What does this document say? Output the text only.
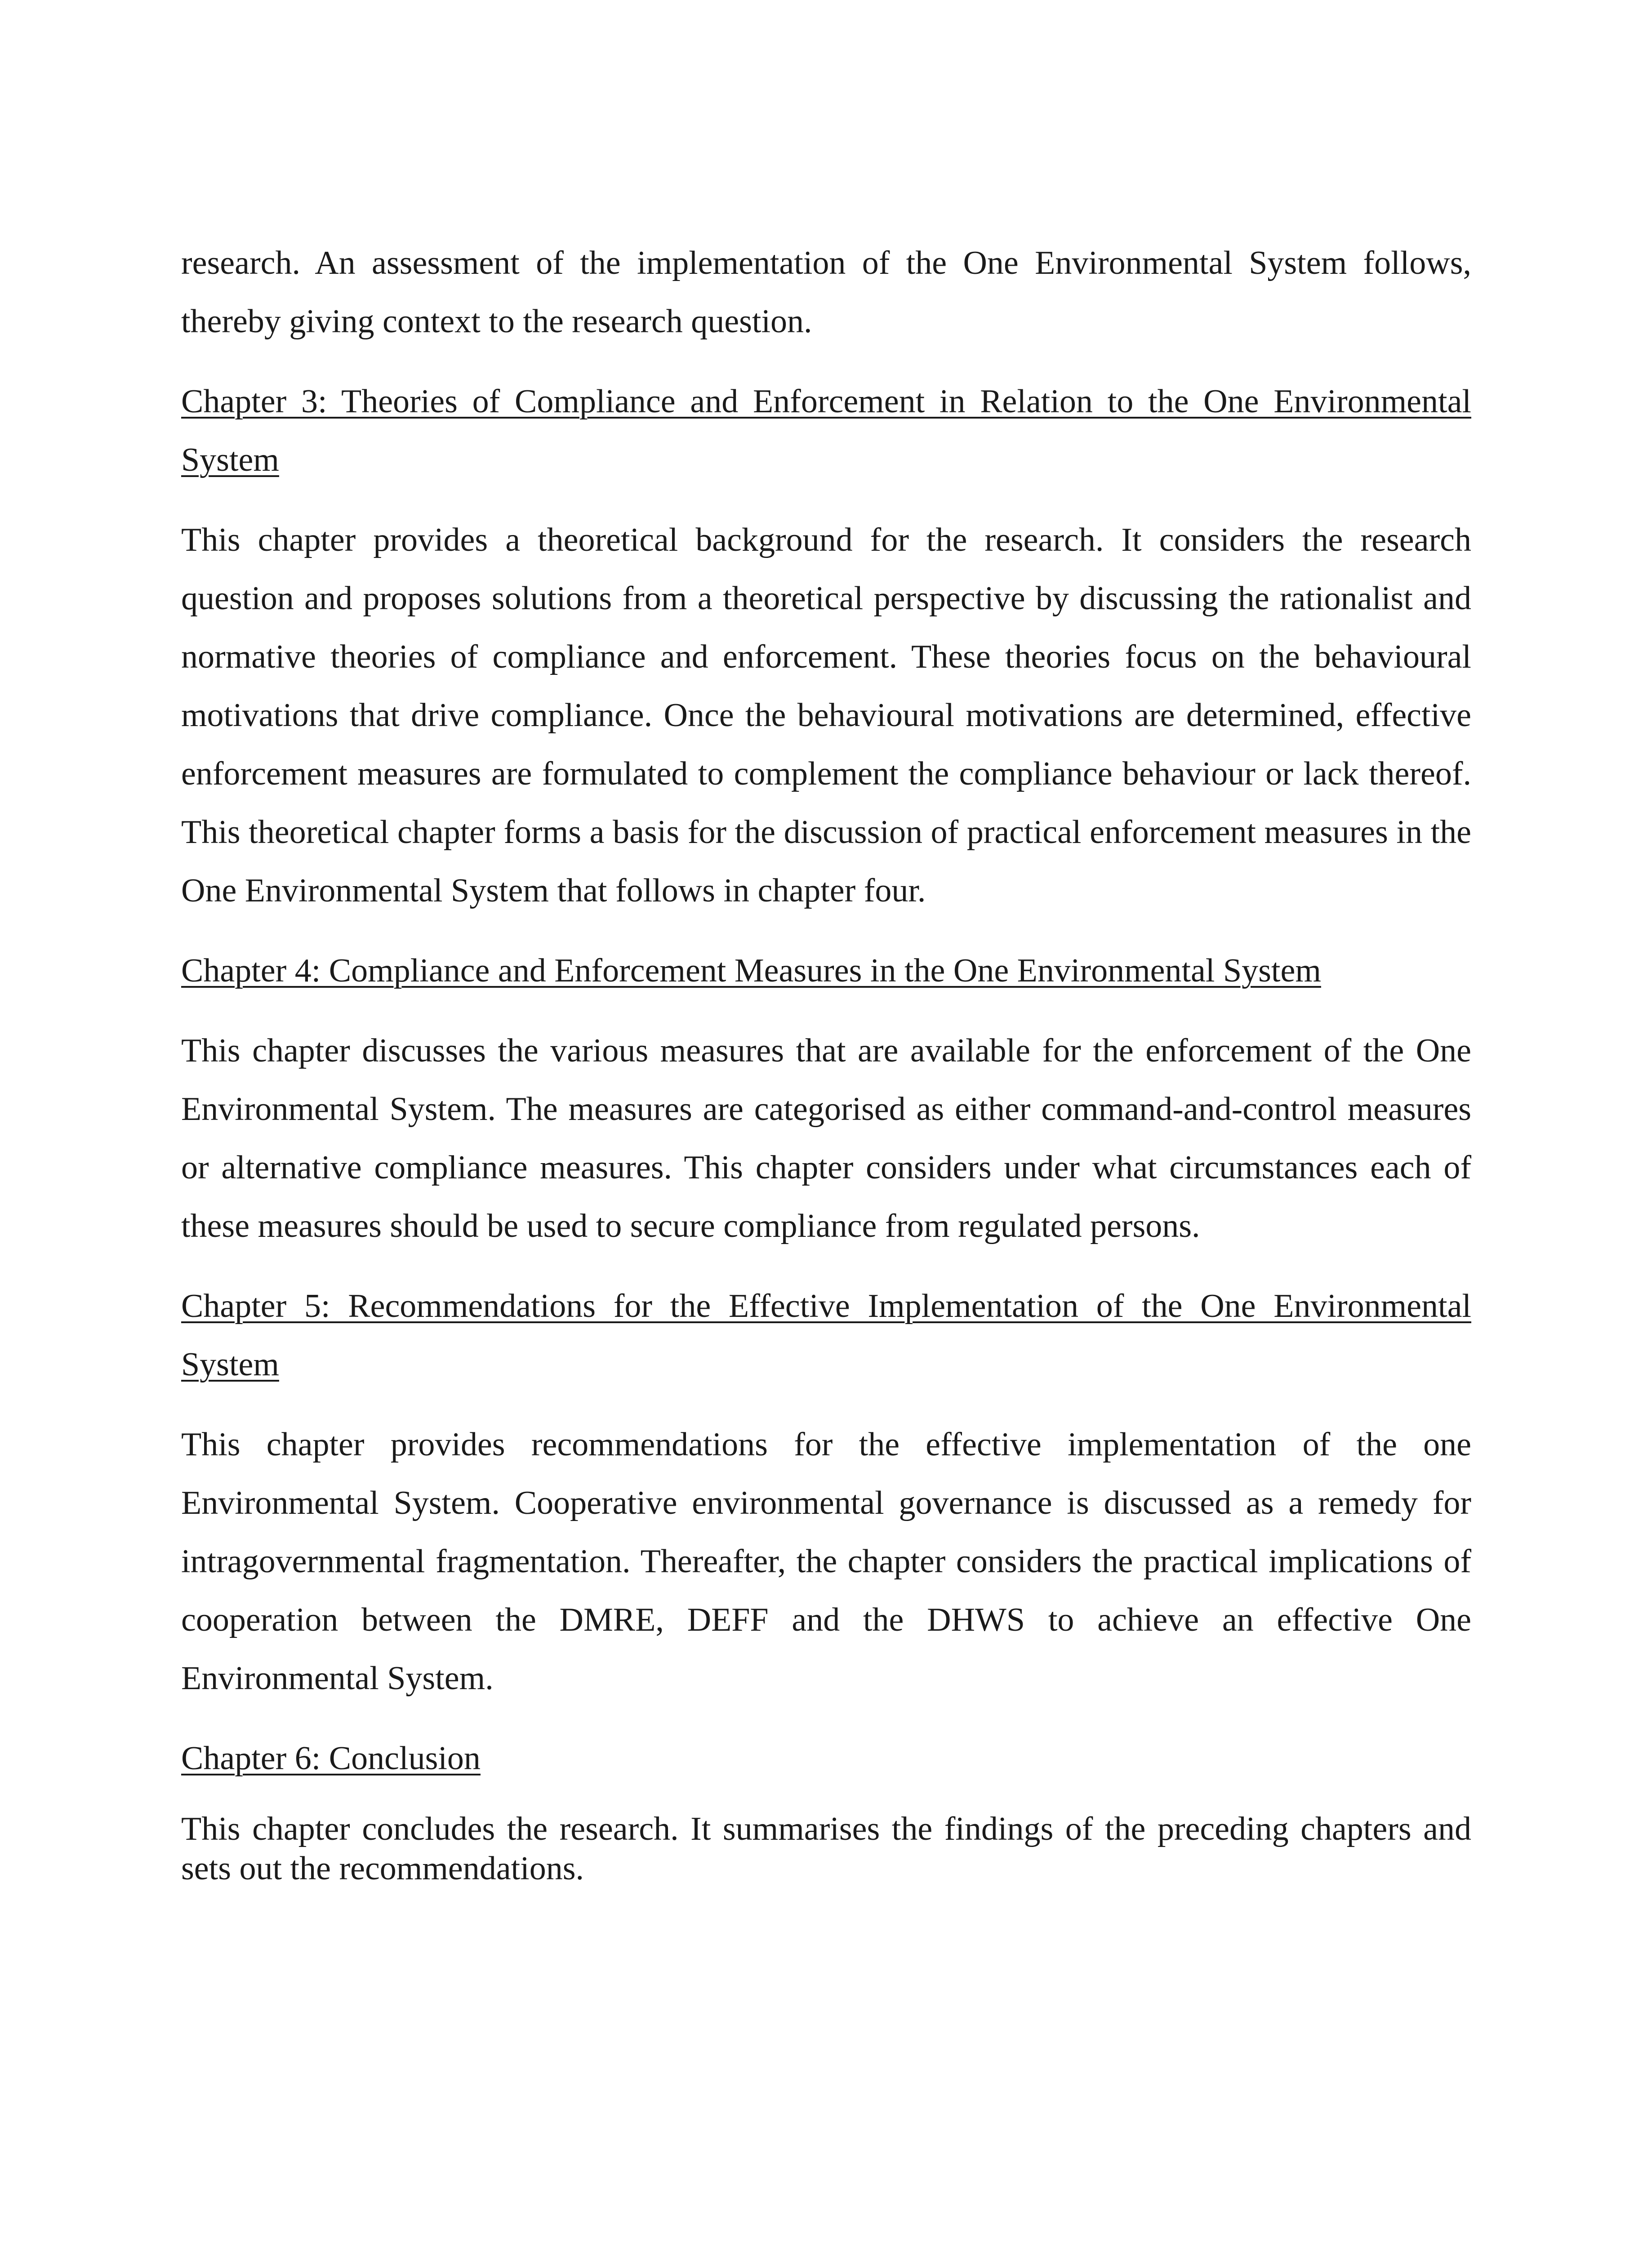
research. An assessment of the implementation of the One Environmental System follows, thereby giving context to the research question.

Chapter 3: Theories of Compliance and Enforcement in Relation to the One Environmental System

This chapter provides a theoretical background for the research. It considers the research question and proposes solutions from a theoretical perspective by discussing the rationalist and normative theories of compliance and enforcement. These theories focus on the behavioural motivations that drive compliance. Once the behavioural motivations are determined, effective enforcement measures are formulated to complement the compliance behaviour or lack thereof. This theoretical chapter forms a basis for the discussion of practical enforcement measures in the One Environmental System that follows in chapter four.

Chapter 4: Compliance and Enforcement Measures in the One Environmental System

This chapter discusses the various measures that are available for the enforcement of the One Environmental System. The measures are categorised as either command-and-control measures or alternative compliance measures. This chapter considers under what circumstances each of these measures should be used to secure compliance from regulated persons.

Chapter 5: Recommendations for the Effective Implementation of the One Environmental System

This chapter provides recommendations for the effective implementation of the one Environmental System. Cooperative environmental governance is discussed as a remedy for intragovernmental fragmentation. Thereafter, the chapter considers the practical implications of cooperation between the DMRE, DEFF and the DHWS to achieve an effective One Environmental System.

Chapter 6: Conclusion

This chapter concludes the research. It summarises the findings of the preceding chapters and sets out the recommendations.
